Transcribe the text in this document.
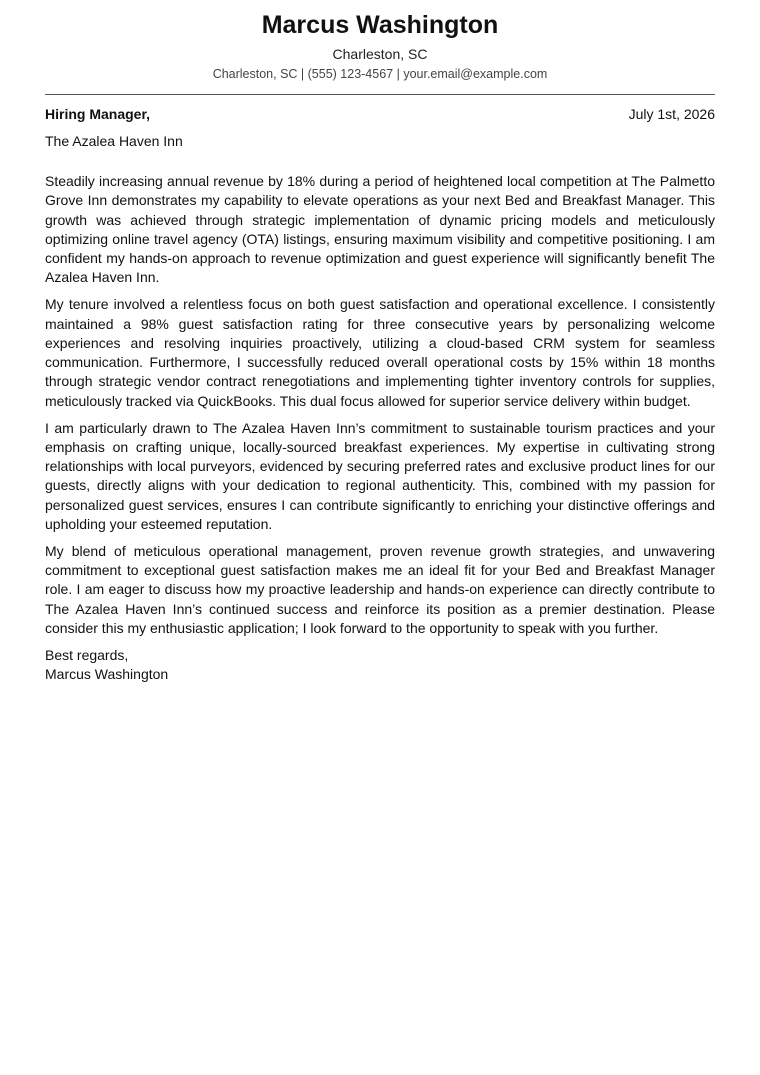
Marcus Washington
Charleston, SC
Charleston, SC | (555) 123-4567 | your.email@example.com
Hiring Manager,	July 1st, 2026
The Azalea Haven Inn

Steadily increasing annual revenue by 18% during a period of heightened local competition at The Palmetto Grove Inn demonstrates my capability to elevate operations as your next Bed and Breakfast Manager. This growth was achieved through strategic implementation of dynamic pricing models and meticulously optimizing online travel agency (OTA) listings, ensuring maximum visibility and competitive positioning. I am confident my hands-on approach to revenue optimization and guest experience will significantly benefit The Azalea Haven Inn.

My tenure involved a relentless focus on both guest satisfaction and operational excellence. I consistently maintained a 98% guest satisfaction rating for three consecutive years by personalizing welcome experiences and resolving inquiries proactively, utilizing a cloud-based CRM system for seamless communication. Furthermore, I successfully reduced overall operational costs by 15% within 18 months through strategic vendor contract renegotiations and implementing tighter inventory controls for supplies, meticulously tracked via QuickBooks. This dual focus allowed for superior service delivery within budget.

I am particularly drawn to The Azalea Haven Inn’s commitment to sustainable tourism practices and your emphasis on crafting unique, locally-sourced breakfast experiences. My expertise in cultivating strong relationships with local purveyors, evidenced by securing preferred rates and exclusive product lines for our guests, directly aligns with your dedication to regional authenticity. This, combined with my passion for personalized guest services, ensures I can contribute significantly to enriching your distinctive offerings and upholding your esteemed reputation.

My blend of meticulous operational management, proven revenue growth strategies, and unwavering commitment to exceptional guest satisfaction makes me an ideal fit for your Bed and Breakfast Manager role. I am eager to discuss how my proactive leadership and hands-on experience can directly contribute to The Azalea Haven Inn’s continued success and reinforce its position as a premier destination. Please consider this my enthusiastic application; I look forward to the opportunity to speak with you further.

Best regards,
Marcus Washington
